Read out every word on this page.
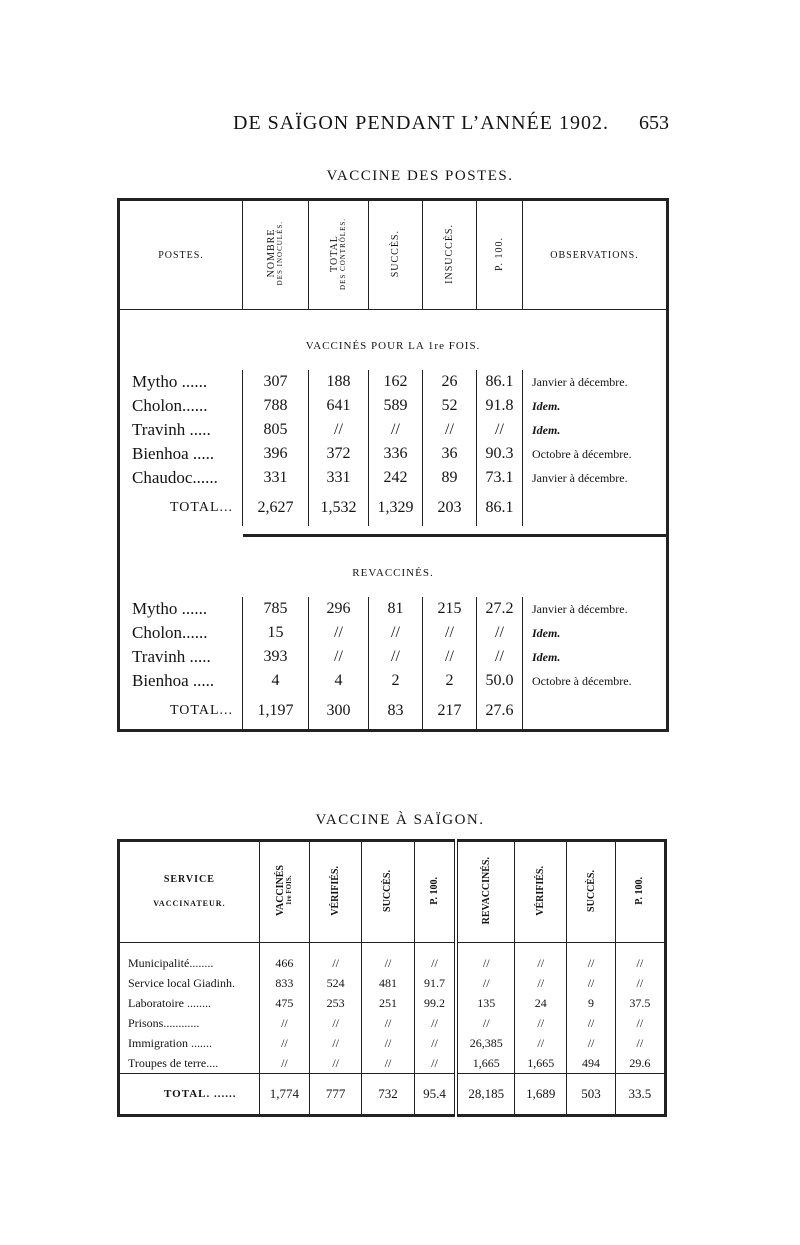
DE SAÏGON PENDANT L’ANNÉE 1902. 653
VACCINE DES POSTES.
POSTES.	NOMBRE DES INOCULÉS.	TOTAL DES CONTRÔLES.	SUCCÈS.	INSUCCÈS.	P. 100.	OBSERVATIONS.
VACCINÉS POUR LA 1re FOIS.						
Mytho ......	307	188	162	26	86.1	Janvier à décembre.
Cholon......	788	641	589	52	91.8	Idem.
Travinh .....	805	//	//	//	//	Idem.
Bienhoa .....	396	372	336	36	90.3	Octobre à décembre.
Chaudoc......	331	331	242	89	73.1	Janvier à décembre.
TOTAL...	2,627	1,532	1,329	203	86.1	

REVACCINÉS.						
Mytho ......	785	296	81	215	27.2	Janvier à décembre.
Cholon......	15	//	//	//	//	Idem.
Travinh .....	393	//	//	//	//	Idem.
Bienhoa .....	4	4	2	2	50.0	Octobre à décembre.
TOTAL...	1,197	300	83	217	27.6	
VACCINE À SAÏGON.
SERVICE
VACCINATEUR.	VACCINÉS 1re FOIS.	VÉRIFIÉS.	SUCCÈS.	P. 100.	REVACCINÉS.	VÉRIFIÉS.	SUCCÈS.	P. 100.

Municipalité........	466	//	//	//	//	//	//	//
Service local Giadinh.	833	524	481	91.7	//	//	//	//
Laboratoire ........	475	253	251	99.2	135	24	9	37.5
Prisons............	//	//	//	//	//	//	//	//
Immigration .......	//	//	//	//	26,385	//	//	//
Troupes de terre....	//	//	//	//	1,665	1,665	494	29.6
TOTAL. ......	1,774	777	732	95.4	28,185	1,689	503	33.5
